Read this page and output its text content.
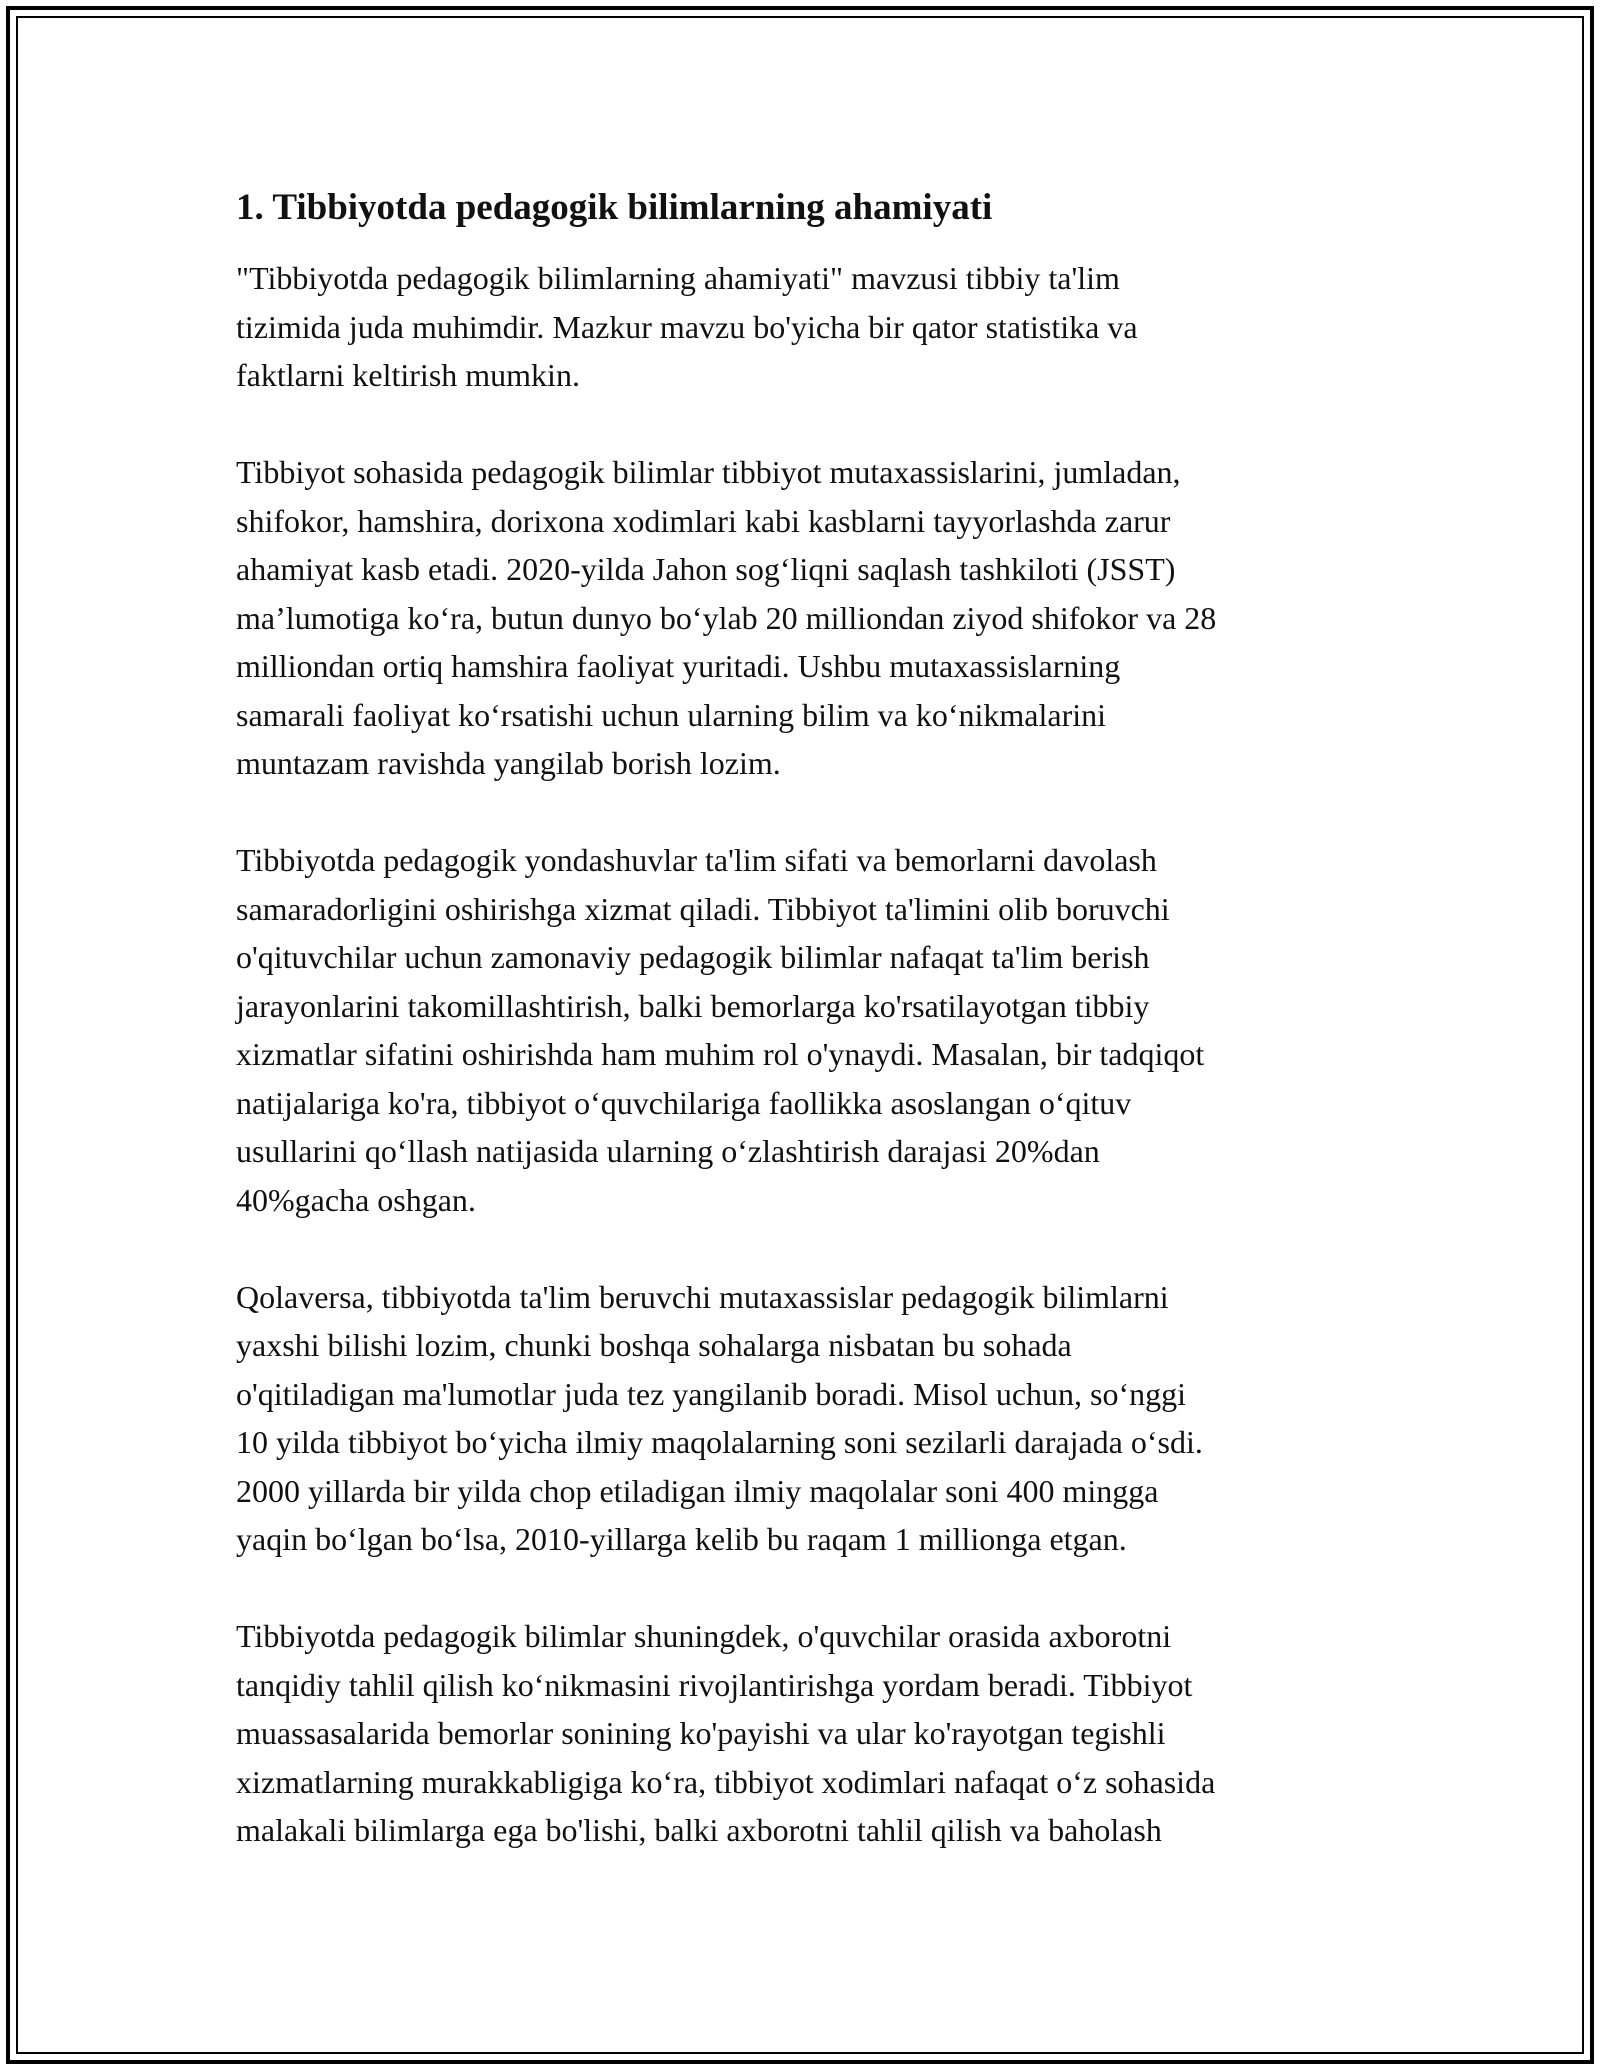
1. Tibbiyotda pedagogik bilimlarning ahamiyati
"Tibbiyotda pedagogik bilimlarning ahamiyati" mavzusi tibbiy ta'lim
tizimida juda muhimdir. Mazkur mavzu bo'yicha bir qator statistika va
faktlarni keltirish mumkin.
Tibbiyot sohasida pedagogik bilimlar tibbiyot mutaxassislarini, jumladan,
shifokor, hamshira, dorixona xodimlari kabi kasblarni tayyorlashda zarur
ahamiyat kasb etadi. 2020-yilda Jahon sog‘liqni saqlash tashkiloti (JSST)
ma’lumotiga ko‘ra, butun dunyo bo‘ylab 20 milliondan ziyod shifokor va 28
milliondan ortiq hamshira faoliyat yuritadi. Ushbu mutaxassislarning
samarali faoliyat ko‘rsatishi uchun ularning bilim va ko‘nikmalarini
muntazam ravishda yangilab borish lozim.
Tibbiyotda pedagogik yondashuvlar ta'lim sifati va bemorlarni davolash
samaradorligini oshirishga xizmat qiladi. Tibbiyot ta'limini olib boruvchi
o'qituvchilar uchun zamonaviy pedagogik bilimlar nafaqat ta'lim berish
jarayonlarini takomillashtirish, balki bemorlarga ko'rsatilayotgan tibbiy
xizmatlar sifatini oshirishda ham muhim rol o'ynaydi. Masalan, bir tadqiqot
natijalariga ko'ra, tibbiyot o‘quvchilariga faollikka asoslangan o‘qituv
usullarini qo‘llash natijasida ularning o‘zlashtirish darajasi 20%dan
40%gacha oshgan.
Qolaversa, tibbiyotda ta'lim beruvchi mutaxassislar pedagogik bilimlarni
yaxshi bilishi lozim, chunki boshqa sohalarga nisbatan bu sohada
o'qitiladigan ma'lumotlar juda tez yangilanib boradi. Misol uchun, so‘nggi
10 yilda tibbiyot bo‘yicha ilmiy maqolalarning soni sezilarli darajada o‘sdi.
2000 yillarda bir yilda chop etiladigan ilmiy maqolalar soni 400 mingga
yaqin bo‘lgan bo‘lsa, 2010-yillarga kelib bu raqam 1 millionga etgan.
Tibbiyotda pedagogik bilimlar shuningdek, o'quvchilar orasida axborotni
tanqidiy tahlil qilish ko‘nikmasini rivojlantirishga yordam beradi. Tibbiyot
muassasalarida bemorlar sonining ko'payishi va ular ko'rayotgan tegishli
xizmatlarning murakkabligiga ko‘ra, tibbiyot xodimlari nafaqat o‘z sohasida
malakali bilimlarga ega bo'lishi, balki axborotni tahlil qilish va baholash
